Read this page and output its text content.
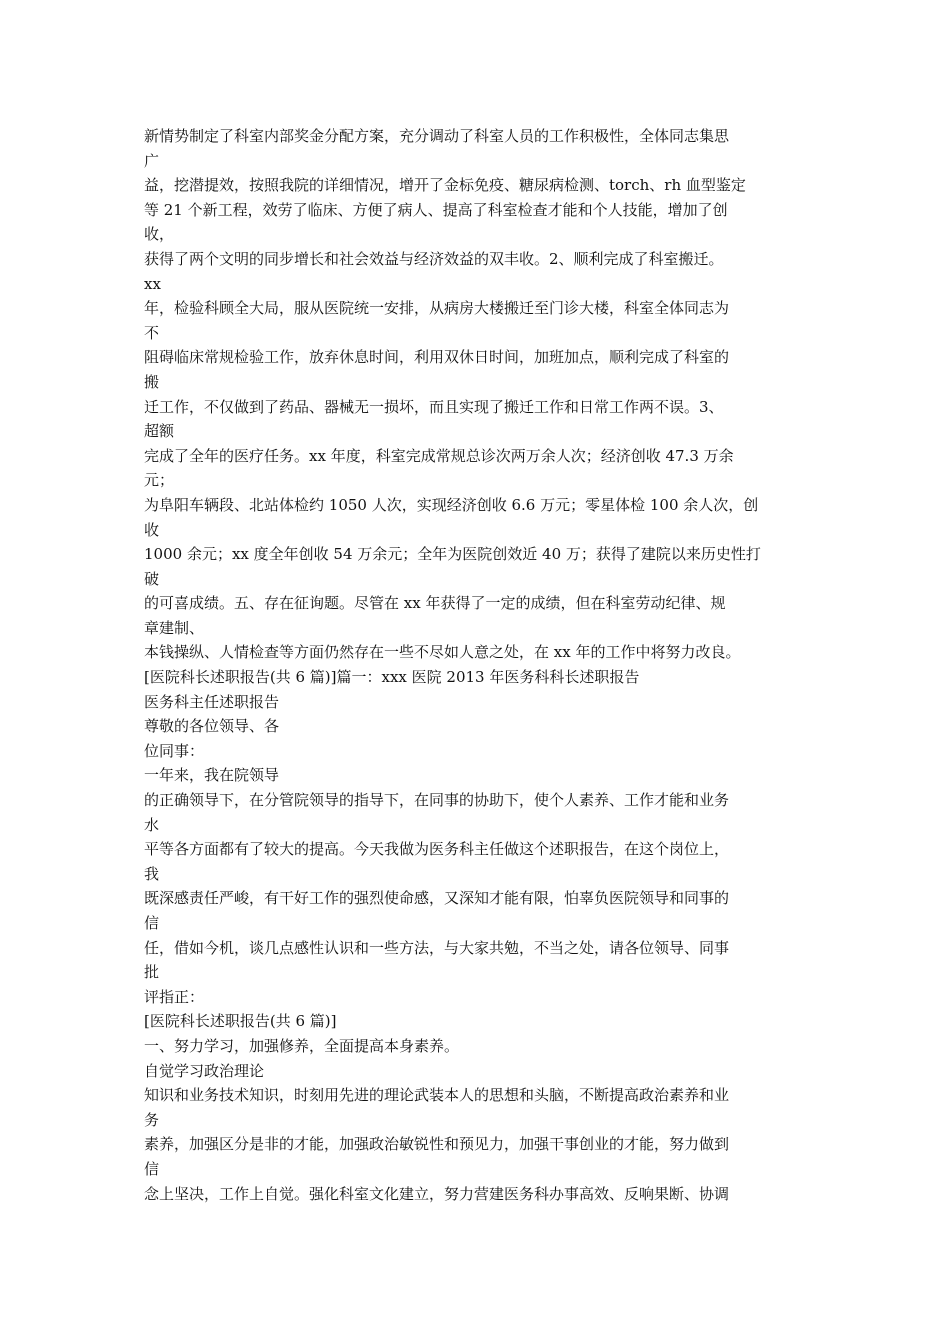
新情势制定了科室内部奖金分配方案，充分调动了科室人员的工作积极性，全体同志集思
广
益，挖潜提效，按照我院的详细情况，增开了金标免疫、糖尿病检测、torch、rh 血型鉴定
等 21 个新工程，效劳了临床、方便了病人、提高了科室检查才能和个人技能，增加了创
收，
获得了两个文明的同步增长和社会效益与经济效益的双丰收。2、顺利完成了科室搬迁。
xx
年，检验科顾全大局，服从医院统一安排，从病房大楼搬迁至门诊大楼，科室全体同志为
不
阻碍临床常规检验工作，放弃休息时间，利用双休日时间，加班加点，顺利完成了科室的
搬
迁工作，不仅做到了药品、器械无一损坏，而且实现了搬迁工作和日常工作两不误。3、
超额
完成了全年的医疗任务。xx 年度，科室完成常规总诊次两万余人次；经济创收 47.3 万余
元；
为阜阳车辆段、北站体检约 1050 人次，实现经济创收 6.6 万元；零星体检 100 余人次，创
收
1000 余元；xx 度全年创收 54 万余元；全年为医院创效近 40 万；获得了建院以来历史性打
破
的可喜成绩。五、存在征询题。尽管在 xx 年获得了一定的成绩，但在科室劳动纪律、规
章建制、
本钱操纵、人情检查等方面仍然存在一些不尽如人意之处，在 xx 年的工作中将努力改良。
[医院科长述职报告(共 6 篇)]篇一：xxx 医院 2013 年医务科科长述职报告
医务科主任述职报告
尊敬的各位领导、各
位同事：
一年来，我在院领导
的正确领导下，在分管院领导的指导下，在同事的协助下，使个人素养、工作才能和业务
水
平等各方面都有了较大的提高。今天我做为医务科主任做这个述职报告，在这个岗位上，
我
既深感责任严峻，有干好工作的强烈使命感，又深知才能有限，怕辜负医院领导和同事的
信
任，借如今机，谈几点感性认识和一些方法，与大家共勉，不当之处，请各位领导、同事
批
评指正：
[医院科长述职报告(共 6 篇)]
一、努力学习，加强修养，全面提高本身素养。
自觉学习政治理论
知识和业务技术知识，时刻用先进的理论武装本人的思想和头脑，不断提高政治素养和业
务
素养，加强区分是非的才能，加强政治敏锐性和预见力，加强干事创业的才能，努力做到
信
念上坚决，工作上自觉。强化科室文化建立，努力营建医务科办事高效、反响果断、协调
